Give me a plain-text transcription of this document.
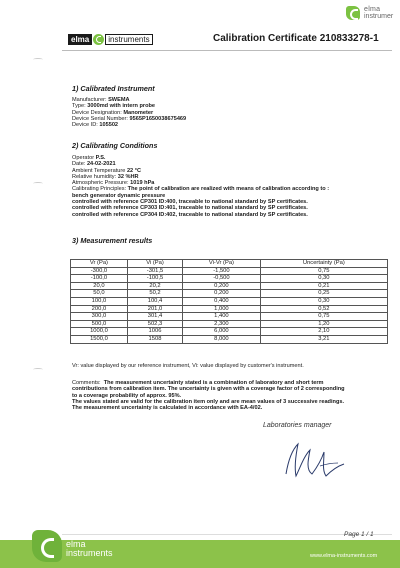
elma
instrumer
elma	instruments	Calibration Certificate 210833278-1
1) Calibrated Instrument
Manufacturer: SWEMA
Type: 3000md with intern probe
Device Designation: Manometer
Device Serial Number: 9565P1650038675469
Device ID: 105502
2) Calibrating Conditions
Operator P.S.
Date: 24-02-2021
Ambient Temperature 22 °C
Relative humidity: 32 %HR
Atmospheric Pressure: 1019 hPa
Calibrating Principles: The point of calibration are realized with means of calibration according to :
bench generator dynamic pressure
controlled with reference CP301 ID:400, traceable to national standard by SP certificates.
controlled with reference CP303 ID:401, traceable to national standard by SP certificates.
controlled with reference CP304 ID:402, traceable to national standard by SP certificates.
3) Measurement results
Vr (Pa)	Vi (Pa)	Vi-Vr (Pa)	Uncertainty (Pa)
-300,0	-301,5	-1,500	0,75
-100,0	-100,5	-0,500	0,30
20,0	20,2	0,200	0,21
50,0	50,2	0,200	0,25
100,0	100,4	0,400	0,30
200,0	201,0	1,000	0,52
300,0	301,4	1,400	0,75
500,0	502,3	2,300	1,20
1000,0	1006	6,000	2,10
1500,0	1508	8,000	3,21
Vr: value displayed by our reference instrument, Vi: value displayed by customer's instrument.
Comments: The measurement uncertainty stated is a combination of laboratory and short term
contributions from calibration item. The uncertainty is given with a coverage factor of 2 corresponding
to a coverage probability of approx. 95%.
The values stated are valid for the calibration item only and are mean values of 3 successive readings.
The measurement uncertainty is calculated in accordance with EA-4/02.
Laboratories manager
Page 1 / 1
elma
instruments	www.elma-instruments.com
